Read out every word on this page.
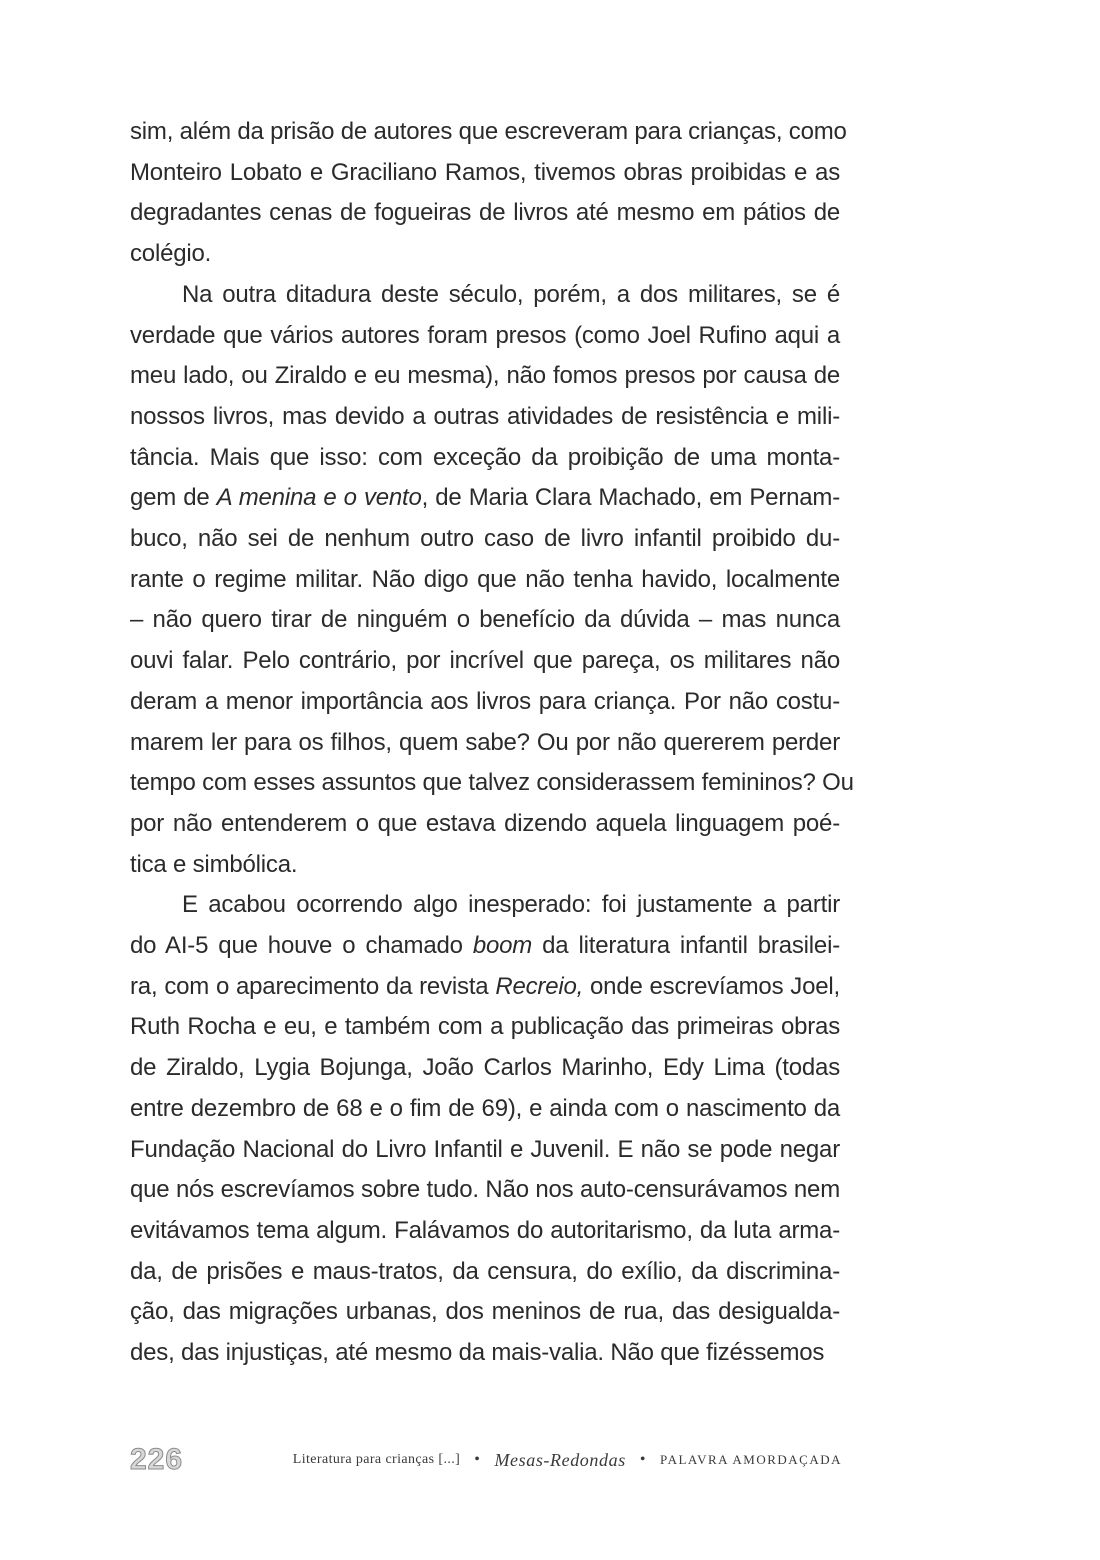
sim, além da prisão de autores que escreveram para crianças, como
Monteiro Lobato e Graciliano Ramos, tivemos obras proibidas e as
degradantes cenas de fogueiras de livros até mesmo em pátios de
colégio.

Na outra ditadura deste século, porém, a dos militares, se é
verdade que vários autores foram presos (como Joel Rufino aqui a
meu lado, ou Ziraldo e eu mesma), não fomos presos por causa de
nossos livros, mas devido a outras atividades de resistência e mili-
tância. Mais que isso: com exceção da proibição de uma monta-
gem de A menina e o vento, de Maria Clara Machado, em Pernam-
buco, não sei de nenhum outro caso de livro infantil proibido du-
rante o regime militar. Não digo que não tenha havido, localmente
– não quero tirar de ninguém o benefício da dúvida – mas nunca
ouvi falar. Pelo contrário, por incrível que pareça, os militares não
deram a menor importância aos livros para criança. Por não costu-
marem ler para os filhos, quem sabe? Ou por não quererem perder
tempo com esses assuntos que talvez considerassem femininos? Ou
por não entenderem o que estava dizendo aquela linguagem poé-
tica e simbólica.

E acabou ocorrendo algo inesperado: foi justamente a partir
do AI-5 que houve o chamado boom da literatura infantil brasilei-
ra, com o aparecimento da revista Recreio, onde escrevíamos Joel,
Ruth Rocha e eu, e também com a publicação das primeiras obras
de Ziraldo, Lygia Bojunga, João Carlos Marinho, Edy Lima (todas
entre dezembro de 68 e o fim de 69), e ainda com o nascimento da
Fundação Nacional do Livro Infantil e Juvenil. E não se pode negar
que nós escrevíamos sobre tudo. Não nos auto-censurávamos nem
evitávamos tema algum. Falávamos do autoritarismo, da luta arma-
da, de prisões e maus-tratos, da censura, do exílio, da discrimina-
ção, das migrações urbanas, dos meninos de rua, das desigualda-
des, das injustiças, até mesmo da mais-valia. Não que fizéssemos

226	Literatura para crianças [...] • Mesas-Redondas • PALAVRA AMORDAÇADA
